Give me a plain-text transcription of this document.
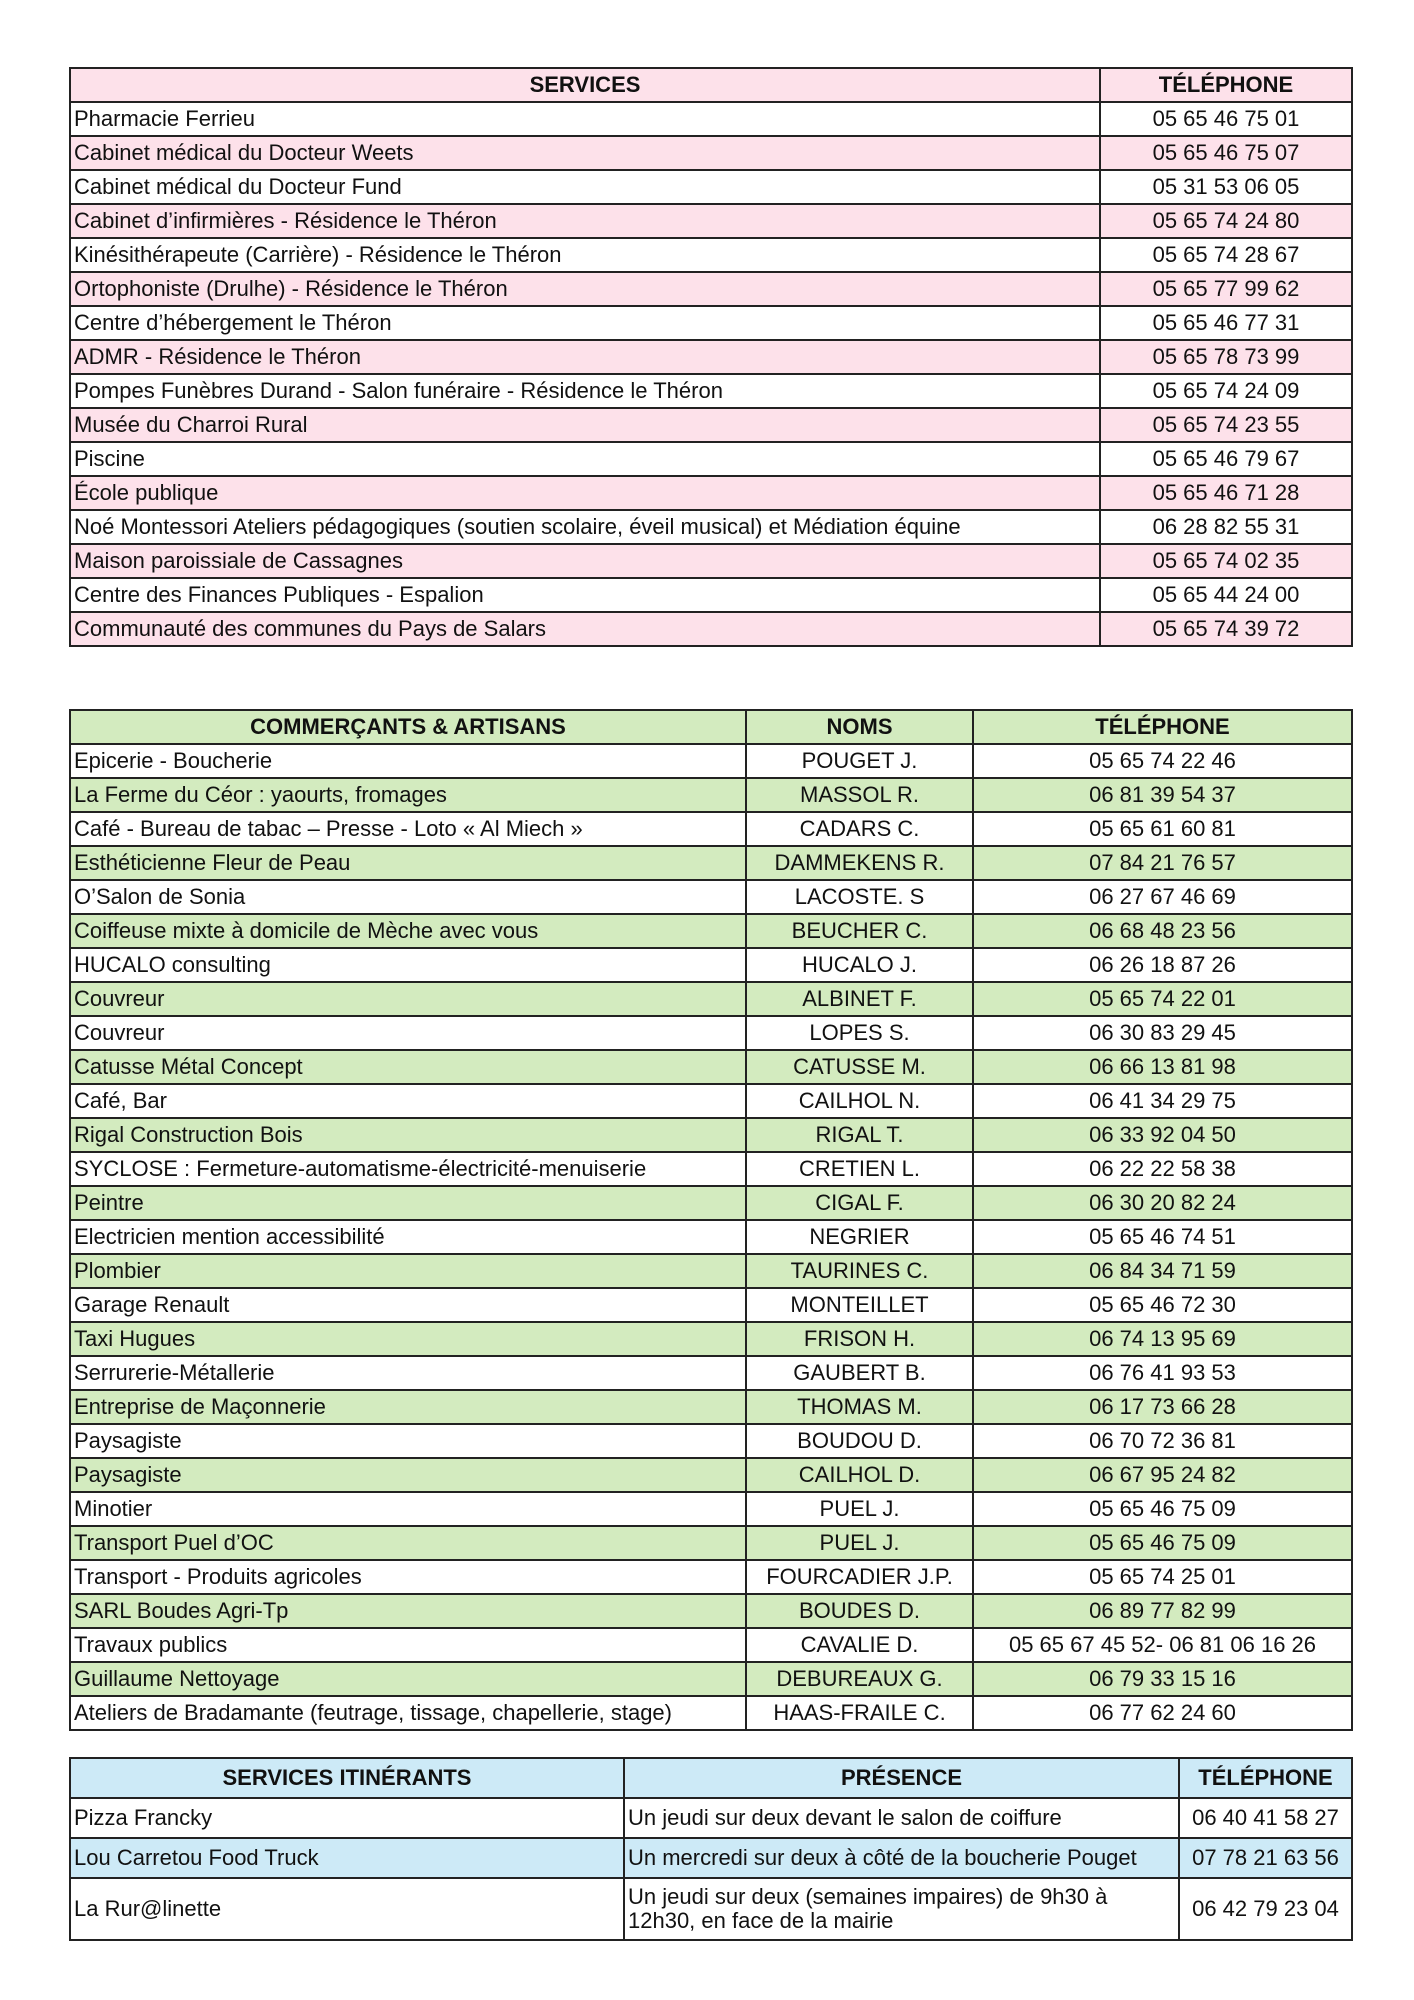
SERVICES	TÉLÉPHONE
Pharmacie Ferrieu	05 65 46 75 01
Cabinet médical du Docteur Weets	05 65 46 75 07
Cabinet médical du Docteur Fund	05 31 53 06 05
Cabinet d’infirmières - Résidence le Théron	05 65 74 24 80
Kinésithérapeute (Carrière) - Résidence le Théron	05 65 74 28 67
Ortophoniste (Drulhe) - Résidence le Théron	05 65 77 99 62
Centre d’hébergement le Théron	05 65 46 77 31
ADMR - Résidence le Théron	05 65 78 73 99
Pompes Funèbres Durand - Salon funéraire - Résidence le Théron	05 65 74 24 09
Musée du Charroi Rural	05 65 74 23 55
Piscine	05 65 46 79 67
École publique	05 65 46 71 28
Noé Montessori Ateliers pédagogiques (soutien scolaire, éveil musical) et Médiation équine	06 28 82 55 31
Maison paroissiale de Cassagnes	05 65 74 02 35
Centre des Finances Publiques - Espalion	05 65 44 24 00
Communauté des communes du Pays de Salars	05 65 74 39 72
COMMERÇANTS & ARTISANS	NOMS	TÉLÉPHONE
Epicerie - Boucherie	POUGET J.	05 65 74 22 46
La Ferme du Céor : yaourts, fromages	MASSOL R.	06 81 39 54 37
Café - Bureau de tabac – Presse - Loto « Al Miech »	CADARS C.	05 65 61 60 81
Esthéticienne Fleur de Peau	DAMMEKENS R.	07 84 21 76 57
O’Salon de Sonia	LACOSTE. S	06 27 67 46 69
Coiffeuse mixte à domicile de Mèche avec vous	BEUCHER C.	06 68 48 23 56
HUCALO consulting	HUCALO J.	06 26 18 87 26
Couvreur	ALBINET F.	05 65 74 22 01
Couvreur	LOPES S.	06 30 83 29 45
Catusse Métal Concept	CATUSSE M.	06 66 13 81 98
Café, Bar	CAILHOL N.	06 41 34 29 75
Rigal Construction Bois	RIGAL T.	06 33 92 04 50
SYCLOSE : Fermeture-automatisme-électricité-menuiserie	CRETIEN L.	06 22 22 58 38
Peintre	CIGAL F.	06 30 20 82 24
Electricien mention accessibilité	NEGRIER	05 65 46 74 51
Plombier	TAURINES C.	06 84 34 71 59
Garage Renault	MONTEILLET	05 65 46 72 30
Taxi Hugues	FRISON H.	06 74 13 95 69
Serrurerie-Métallerie	GAUBERT B.	06 76 41 93 53
Entreprise de Maçonnerie	THOMAS M.	06 17 73 66 28
Paysagiste	BOUDOU D.	06 70 72 36 81
Paysagiste	CAILHOL D.	06 67 95 24 82
Minotier	PUEL J.	05 65 46 75 09
Transport Puel d’OC	PUEL J.	05 65 46 75 09
Transport - Produits agricoles	FOURCADIER J.P.	05 65 74 25 01
SARL Boudes Agri-Tp	BOUDES D.	06 89 77 82 99
Travaux publics	CAVALIE D.	05 65 67 45 52- 06 81 06 16 26
Guillaume Nettoyage	DEBUREAUX G.	06 79 33 15 16
Ateliers de Bradamante (feutrage, tissage, chapellerie, stage)	HAAS-FRAILE C.	06 77 62 24 60
SERVICES ITINÉRANTS	PRÉSENCE	TÉLÉPHONE
Pizza Francky	Un jeudi sur deux devant le salon de coiffure	06 40 41 58 27
Lou Carretou Food Truck	Un mercredi sur deux à côté de la boucherie Pouget	07 78 21 63 56
La Rur@linette	Un jeudi sur deux (semaines impaires) de 9h30 à 12h30, en face de la mairie	06 42 79 23 04
